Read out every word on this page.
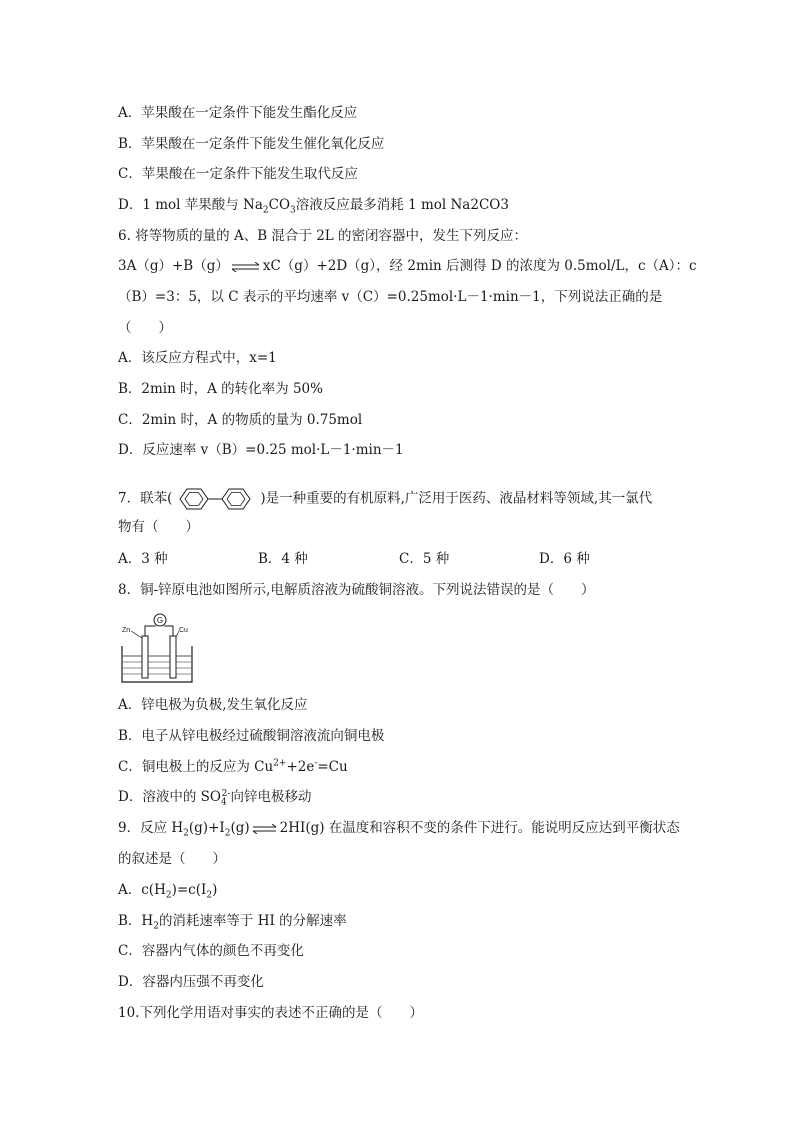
A．苹果酸在一定条件下能发生酯化反应
B．苹果酸在一定条件下能发生催化氧化反应
C．苹果酸在一定条件下能发生取代反应
D．1 mol 苹果酸与 $Na_2CO_3$溶液反应最多消耗 1 mol Na2CO3
6. 将等物质的量的 A、B 混合于 2L 的密闭容器中，发生下列反应：
3A（g）+B（g） ⇌ xC（g）+2D（g），经 2min 后测得 D 的浓度为 0.5mol/L，c（A）：c
（B）=3：5，以 C 表示的平均速率 v（C）=0.25mol·L－1·min－1，下列说法正确的是
（　　）
A．该反应方程式中，x=1
B．2min 时，A 的转化率为 50%
C．2min 时，A 的物质的量为 0.75mol
D．反应速率 v（B）=0.25 mol·L－1·min－1
7．联苯(	)是一种重要的有机原料,广泛用于医药、液晶材料等领域,其一氯代
物有（　　）
A．3 种	B．4 种	C．5 种	D．6 种
8．铜-锌原电池如图所示,电解质溶液为硫酸铜溶液。下列说法错误的是（　　）
G
Zn	Cu
A．锌电极为负极,发生氧化反应
B．电子从锌电极经过硫酸铜溶液流向铜电极
C．铜电极上的反应为 $Cu^{2+}+2e^-=Cu$
D．溶液中的 $SO_4^{2-}$向锌电极移动
9．反应 $H_2(g)+I_2(g)$ ⇌ 2HI(g) 在温度和容积不变的条件下进行。能说明反应达到平衡状态
的叙述是（　　）
A．$c(H_2)=c(I_2)$
B．$H_2$的消耗速率等于 HI 的分解速率
C．容器内气体的颜色不再变化
D．容器内压强不再变化
10.下列化学用语对事实的表述不正确的是（　　）
